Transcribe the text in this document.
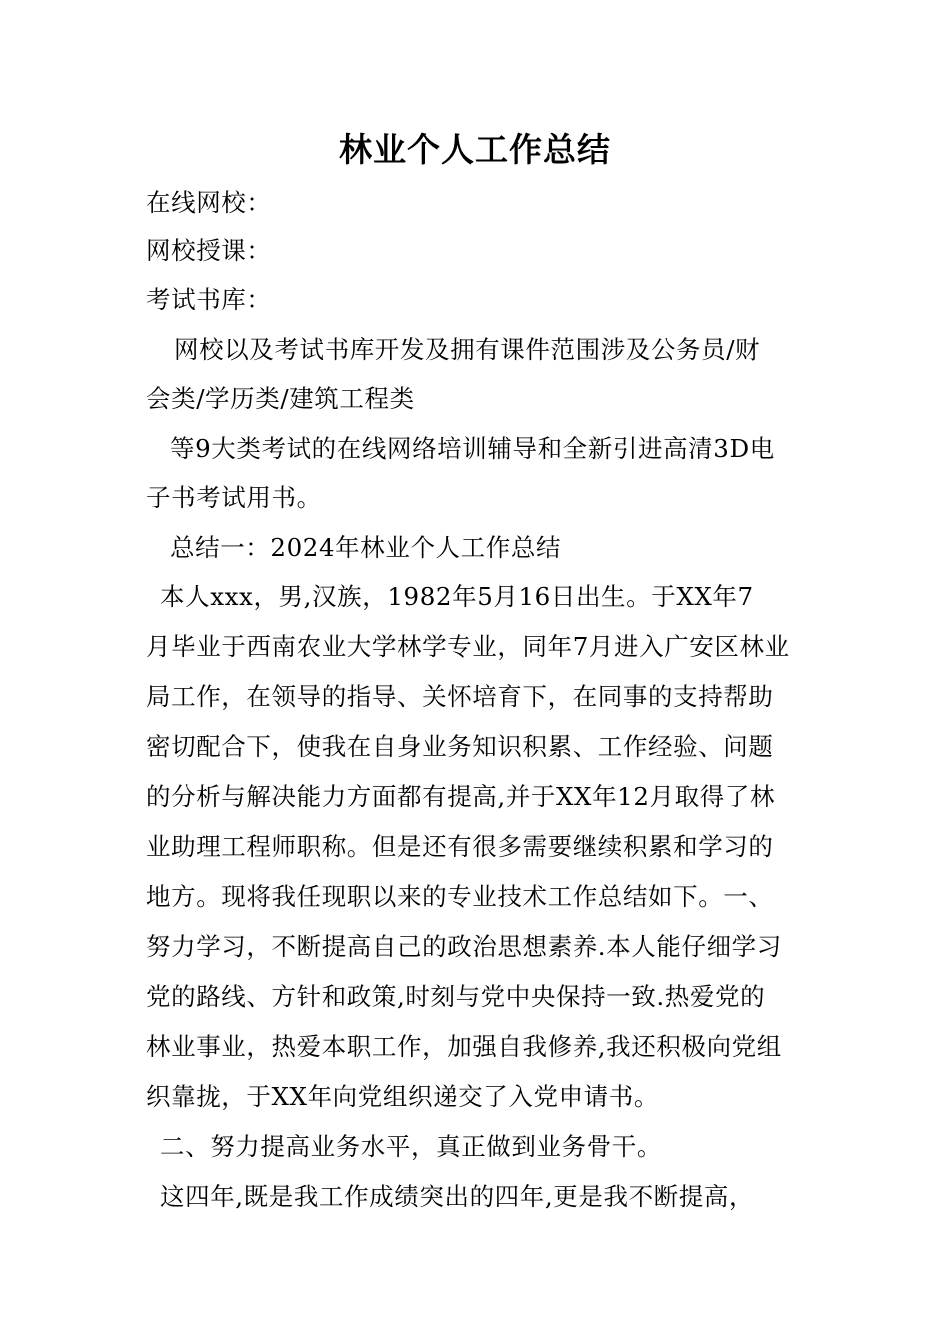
林业个人工作总结
在线网校：
网校授课：
考试书库：
网校以及考试书库开发及拥有课件范围涉及公务员/财
会类/学历类/建筑工程类
等9大类考试的在线网络培训辅导和全新引进高清3D电
子书考试用书。
总结一：2024年林业个人工作总结
本人xxx，男,汉族，1982年5月16日出生。于XX年7
月毕业于西南农业大学林学专业，同年7月进入广安区林业
局工作，在领导的指导、关怀培育下，在同事的支持帮助
密切配合下，使我在自身业务知识积累、工作经验、问题
的分析与解决能力方面都有提高,并于XX年12月取得了林
业助理工程师职称。但是还有很多需要继续积累和学习的
地方。现将我任现职以来的专业技术工作总结如下。一、
努力学习，不断提高自己的政治思想素养.本人能仔细学习
党的路线、方针和政策,时刻与党中央保持一致.热爱党的
林业事业，热爱本职工作，加强自我修养,我还积极向党组
织靠拢，于XX年向党组织递交了入党申请书。
二、努力提高业务水平，真正做到业务骨干。
这四年,既是我工作成绩突出的四年,更是我不断提高，
